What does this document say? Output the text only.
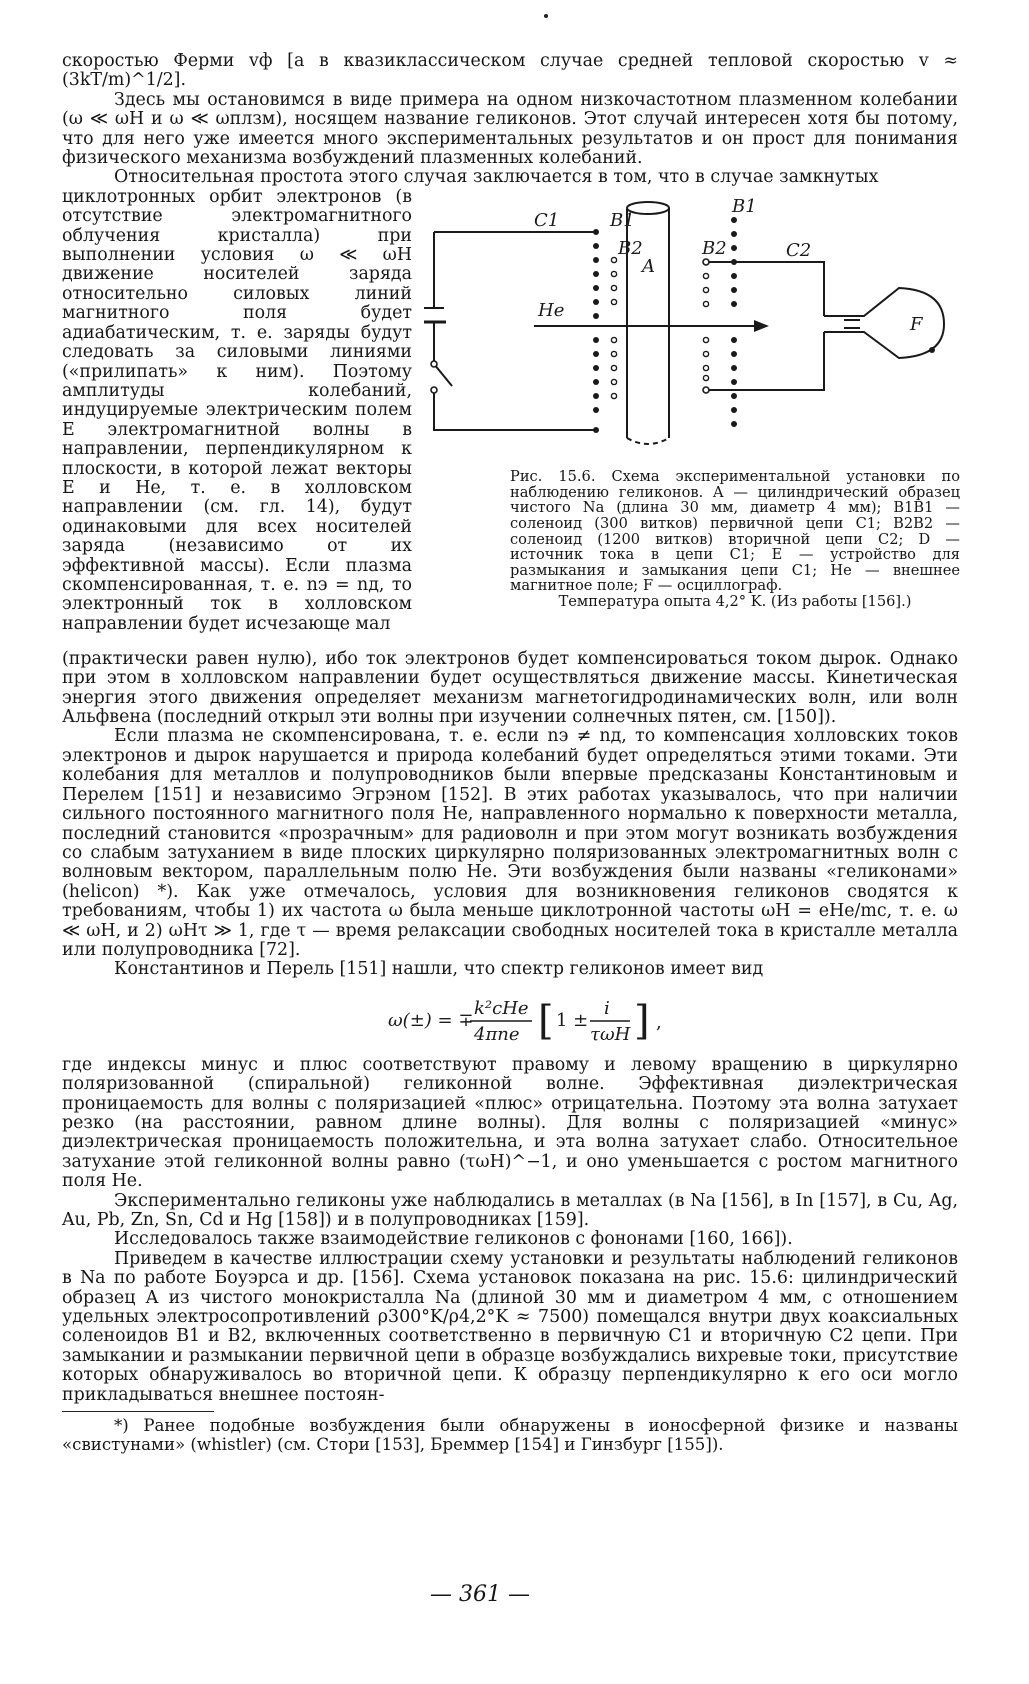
скоростью Ферми vф [а в квазиклассическом случае средней тепловой скоростью v ≈ (3kT/m)^1/2].

Здесь мы остановимся в виде примера на одном низкочастотном плазменном колебании (ω ≪ ωH и ω ≪ ωплзм), носящем название геликонов. Этот случай интересен хотя бы потому, что для него уже имеется много экспериментальных результатов и он прост для понимания физического механизма возбуждений плазменных колебаний.

Относительная простота этого случая заключается в том, что в случае замкнутых

циклотронных орбит электронов (в отсутствие электромагнитного облучения кристалла) при выполнении условия ω ≪ ωH движение носителей заряда относительно силовых линий магнитного поля будет адиабатическим, т. е. заряды будут следовать за силовыми линиями («прилипать» к ним). Поэтому амплитуды колебаний, индуцируемые электрическим полем E электромагнитной волны в направлении, перпендикулярном к плоскости, в которой лежат векторы E и He, т. е. в холловском направлении (см. гл. 14), будут одинаковыми для всех носителей заряда (независимо от их эффективной массы). Если плазма скомпенсированная, т. е. nэ = nд, то электронный ток в холловском направлении будет исчезающе мал
C1	B1
B1
B2	B2
A
C2
He
F
Рис. 15.6. Схема экспериментальной установки по наблюдению геликонов. A — цилиндрический образец чистого Na (длина 30 мм, диаметр 4 мм); B1B1 — соленоид (300 витков) первичной цепи C1; B2B2 — соленоид (1200 витков) вторичной цепи C2; D — источник тока в цепи C1; E — устройство для размыкания и замыкания цепи C1; He — внешнее магнитное поле; F — осциллограф.
Температура опыта 4,2° K. (Из работы [156].)

(практически равен нулю), ибо ток электронов будет компенсироваться током дырок. Однако при этом в холловском направлении будет осуществляться движение массы. Кинетическая энергия этого движения определяет механизм магнетогидродинамических волн, или волн Альфвена (последний открыл эти волны при изучении солнечных пятен, см. [150]).

Если плазма не скомпенсирована, т. е. если nэ ≠ nд, то компенсация холловских токов электронов и дырок нарушается и природа колебаний будет определяться этими токами. Эти колебания для металлов и полупроводников были впервые предсказаны Константиновым и Перелем [151] и независимо Эгрэном [152]. В этих работах указывалось, что при наличии сильного постоянного магнитного поля He, направленного нормально к поверхности металла, последний становится «прозрачным» для радиоволн и при этом могут возникать возбуждения со слабым затуханием в виде плоских циркулярно поляризованных электромагнитных волн с волновым вектором, параллельным полю He. Эти возбуждения были названы «геликонами» (helicon) *). Как уже отмечалось, условия для возникновения геликонов сводятся к требованиям, чтобы 1) их частота ω была меньше циклотронной частоты ωH = eHe/mc, т. е. ω ≪ ωH, и 2) ωHτ ≫ 1, где τ — время релаксации свободных носителей тока в кристалле металла или полупроводника [72].

Константинов и Перель [151] нашли, что спектр геликонов имеет вид

ω(±) = ∓
k²cHe
4πne [ 1 ±
i
τωH ] ,

где индексы минус и плюс соответствуют правому и левому вращению в циркулярно поляризованной (спиральной) геликонной волне. Эффективная диэлектрическая проницаемость для волны с поляризацией «плюс» отрицательна. Поэтому эта волна затухает резко (на расстоянии, равном длине волны). Для волны с поляризацией «минус» диэлектрическая проницаемость положительна, и эта волна затухает слабо. Относительное затухание этой геликонной волны равно (τωH)^−1, и оно уменьшается с ростом магнитного поля He.

Экспериментально геликоны уже наблюдались в металлах (в Na [156], в In [157], в Cu, Ag, Au, Pb, Zn, Sn, Cd и Hg [158]) и в полупроводниках [159].

Исследовалось также взаимодействие геликонов с фононами [160, 166]).

Приведем в качестве иллюстрации схему установки и результаты наблюдений геликонов в Na по работе Боуэрса и др. [156]. Схема установок показана на рис. 15.6: цилиндрический образец A из чистого монокристалла Na (длиной 30 мм и диаметром 4 мм, с отношением удельных электросопротивлений ρ300°K/ρ4,2°K ≈ 7500) помещался внутри двух коаксиальных соленоидов B1 и B2, включенных соответственно в первичную C1 и вторичную C2 цепи. При замыкании и размыкании первичной цепи в образце возбуждались вихревые токи, присутствие которых обнаруживалось во вторичной цепи. К образцу перпендикулярно к его оси могло прикладываться внешнее постоян-

*) Ранее подобные возбуждения были обнаружены в ионосферной физике и названы «свистунами» (whistler) (см. Стори [153], Бреммер [154] и Гинзбург [155]).

— 361 —
